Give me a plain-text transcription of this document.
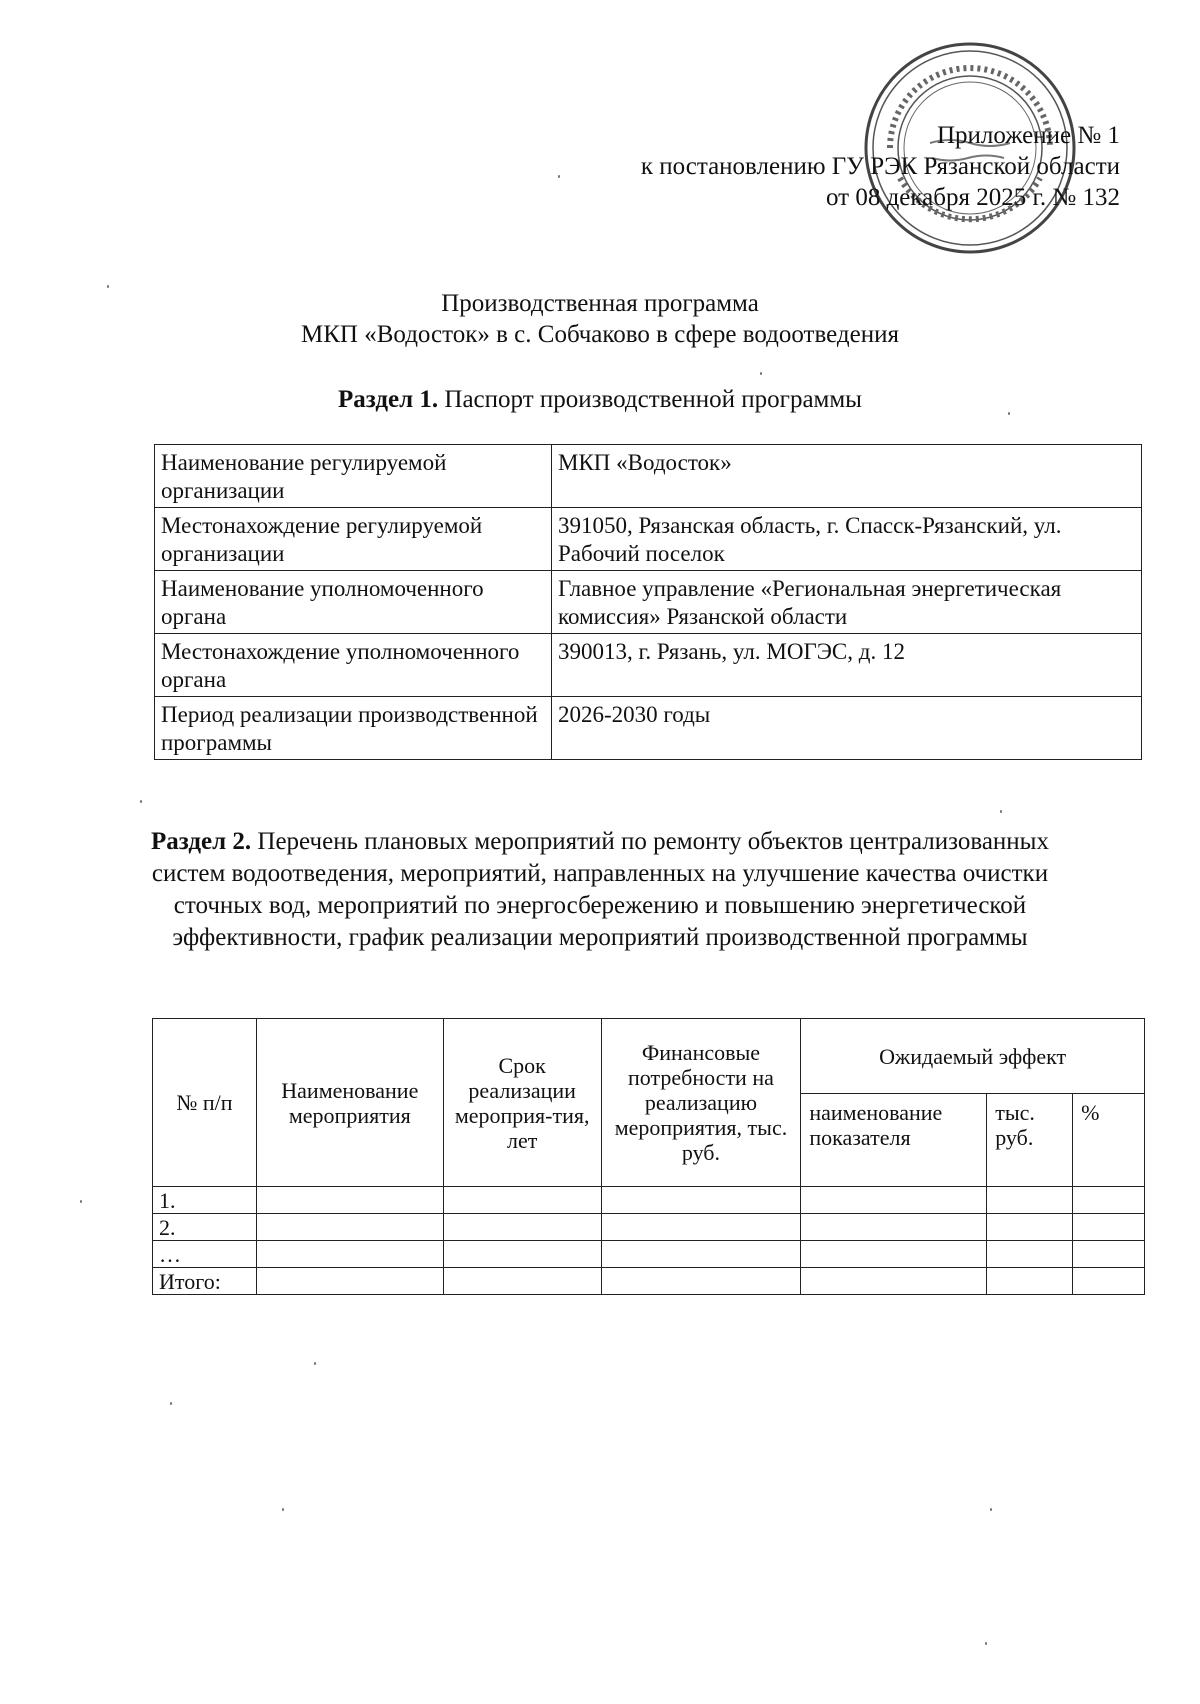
Приложение № 1
к постановлению ГУ РЭК Рязанской области
от 08 декабря 2025 г. № 132
Производственная программа
МКП «Водосток» в с. Собчаково в сфере водоотведения
Раздел 1. Паспорт производственной программы
Наименование регулируемой организации	МКП «Водосток»
Местонахождение регулируемой организации	391050, Рязанская область, г. Спасск-Рязанский, ул. Рабочий поселок
Наименование уполномоченного органа	Главное управление «Региональная энергетическая комиссия» Рязанской области
Местонахождение уполномоченного органа	390013, г. Рязань, ул. МОГЭС, д. 12
Период реализации производственной программы	2026-2030 годы
Раздел 2. Перечень плановых мероприятий по ремонту объектов централизованных систем водоотведения, мероприятий, направленных на улучшение качества очистки сточных вод, мероприятий по энергосбережению и повышению энергетической эффективности, график реализации мероприятий производственной программы
№ п/п	Наименование мероприятия	Срок реализации мероприя-тия, лет	Финансовые потребности на реализацию мероприятия, тыс. руб.	Ожидаемый эффект		
				наименование показателя	тыс. руб.	%
1.						
2.						
…						
Итого:						
